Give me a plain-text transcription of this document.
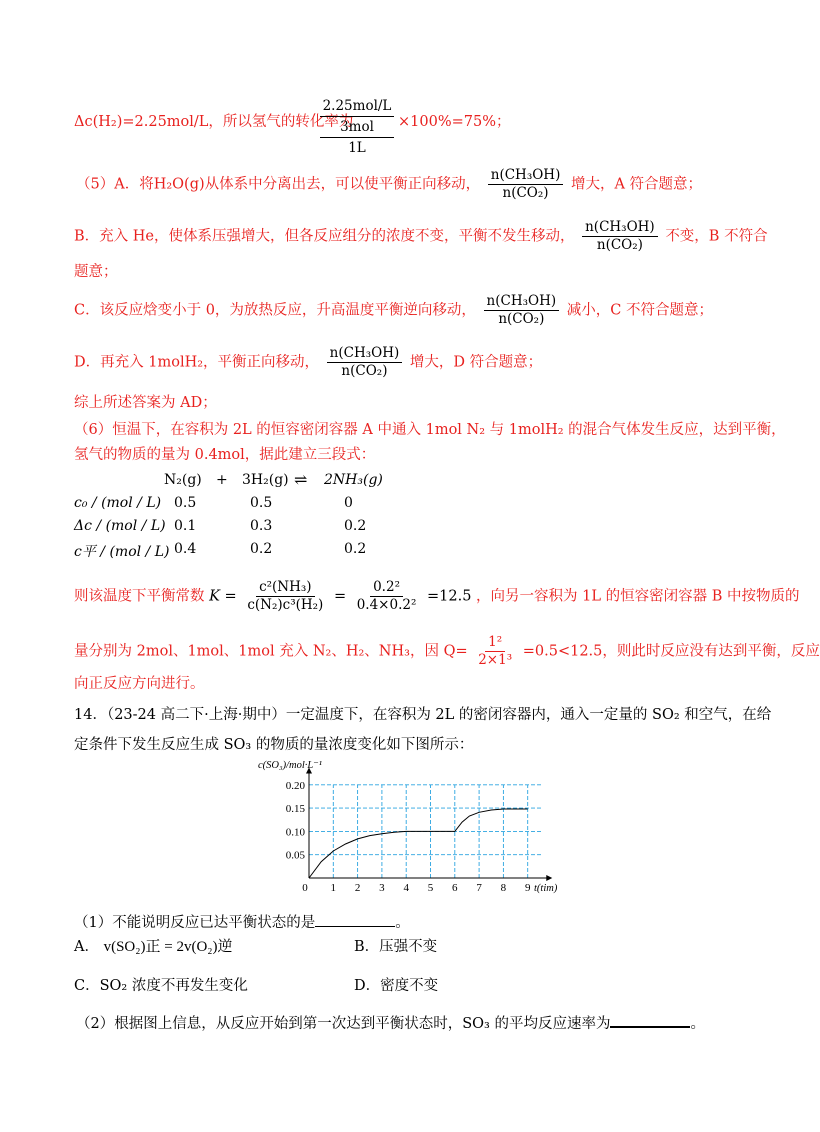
Δc(H₂)=2.25mol/L，所以氢气的转化率为
2.25mol/L
3mol
1L
×100%=75%；
（5）A．将H₂O(g)从体系中分离出去，可以使平衡正向移动， $\frac{\text{n(CH₃OH)}}{\text{n(CO₂)}}$ 增大，A 符合题意；
B．充入 He，使体系压强增大，但各反应组分的浓度不变，平衡不发生移动， $\frac{\text{n(CH₃OH)}}{\text{n(CO₂)}}$ 不变，B 不符合
题意；
C．该反应焓变小于 0，为放热反应，升高温度平衡逆向移动， $\frac{\text{n(CH₃OH)}}{\text{n(CO₂)}}$ 减小，C 不符合题意；
D．再充入 1molH₂，平衡正向移动， $\frac{\text{n(CH₃OH)}}{\text{n(CO₂)}}$ 增大，D 符合题意；
综上所述答案为 AD；
（6）恒温下，在容积为 2L 的恒容密闭容器 A 中通入 1mol N₂ 与 1molH₂ 的混合气体发生反应，达到平衡，
氢气的物质的量为 0.4mol，据此建立三段式：
N₂(g) + 3H₂(g) ⇌ 2NH₃(g)
c₀ / (mol / L) 0.5	0.5	0
Δc / (mol / L) 0.1	0.3	0.2
c平 / (mol / L) 0.4	0.2	0.2
则该温度下平衡常数 $K = \frac{\text{c²(NH₃)}}{\text{c(N₂)c³(H₂)}} = \frac{\text{0.2²}}{\text{0.4×0.2²}} =12.5$ ，向另一容积为 1L 的恒容密闭容器 B 中按物质的
量分别为 2mol、1mol、1mol 充入 N₂、H₂、NH₃，因 $Q= \frac{\text{1²}}{\text{2×1³}} =0.5<12.5$，则此时反应没有达到平衡，反应
向正反应方向进行。
14．（23-24 高二下·上海·期中）一定温度下，在容积为 2L 的密闭容器内，通入一定量的 SO₂ 和空气，在给
定条件下发生反应生成 SO₃ 的物质的量浓度变化如下图所示：
1 2 3 4 5 6 7 8 9
0.05
0.10
0.15
0.20
c(SO₃)/mol·L⁻¹
t(tim)
0
（1）不能说明反应已达平衡状态的是	。
A． v(SO₂)正 = 2v(O₂)逆	B．压强不变
C．SO₂ 浓度不再发生变化	D．密度不变
（2）根据图上信息，从反应开始到第一次达到平衡状态时，SO₃ 的平均反应速率为	。
